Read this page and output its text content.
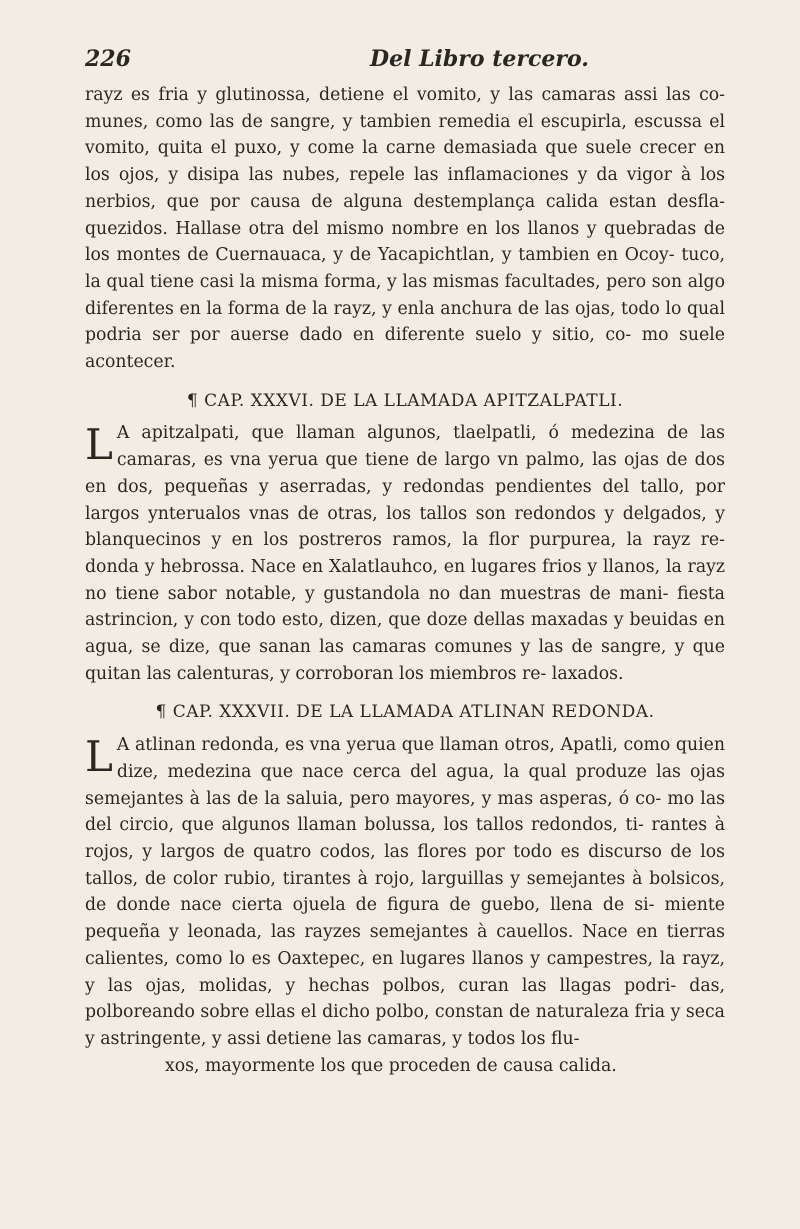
226	Del Libro tercero.

rayz es fria y glutinossa, detiene el vomito, y las camaras assi las co- munes, como las de sangre, y tambien remedia el escupirla, escussa el vomito, quita el puxo, y come la carne demasiada que suele crecer en los ojos, y disipa las nubes, repele las inflamaciones y da vigor à los nerbios, que por causa de alguna destemplança calida estan desfla- quezidos. Hallase otra del mismo nombre en los llanos y quebradas de los montes de Cuernauaca, y de Yacapichtlan, y tambien en Ocoy- tuco, la qual tiene casi la misma forma, y las mismas facultades, pero son algo diferentes en la forma de la rayz, y enla anchura de las ojas, todo lo qual podria ser por auerse dado en diferente suelo y sitio, co- mo suele acontecer.

¶ CAP. XXXVI. DE LA LLAMADA APITZALPATLI.

L A apitzalpati, que llaman algunos, tlaelpatli, ó medezina de las camaras, es vna yerua que tiene de largo vn palmo, las ojas de dos en dos, pequeñas y aserradas, y redondas pendientes del tallo, por largos ynterualos vnas de otras, los tallos son redondos y delgados, y blanquecinos y en los postreros ramos, la flor purpurea, la rayz re- donda y hebrossa. Nace en Xalatlauhco, en lugares frios y llanos, la rayz no tiene sabor notable, y gustandola no dan muestras de mani- fiesta astrincion, y con todo esto, dizen, que doze dellas maxadas y beuidas en agua, se dize, que sanan las camaras comunes y las de sangre, y que quitan las calenturas, y corroboran los miembros re- laxados.

¶ CAP. XXXVII. DE LA LLAMADA ATLINAN REDONDA.

L A atlinan redonda, es vna yerua que llaman otros, Apatli, como quien dize, medezina que nace cerca del agua, la qual produze las ojas semejantes à las de la saluia, pero mayores, y mas asperas, ó co- mo las del circio, que algunos llaman bolussa, los tallos redondos, ti- rantes à rojos, y largos de quatro codos, las flores por todo es discurso de los tallos, de color rubio, tirantes à rojo, larguillas y semejantes à bolsicos, de donde nace cierta ojuela de figura de guebo, llena de si- miente pequeña y leonada, las rayzes semejantes à cauellos. Nace en tierras calientes, como lo es Oaxtepec, en lugares llanos y campestres, la rayz, y las ojas, molidas, y hechas polbos, curan las llagas podri- das, polboreando sobre ellas el dicho polbo, constan de naturaleza fria y seca y astringente, y assi detiene las camaras, y todos los flu-

xos, mayormente los que proceden de causa calida.
